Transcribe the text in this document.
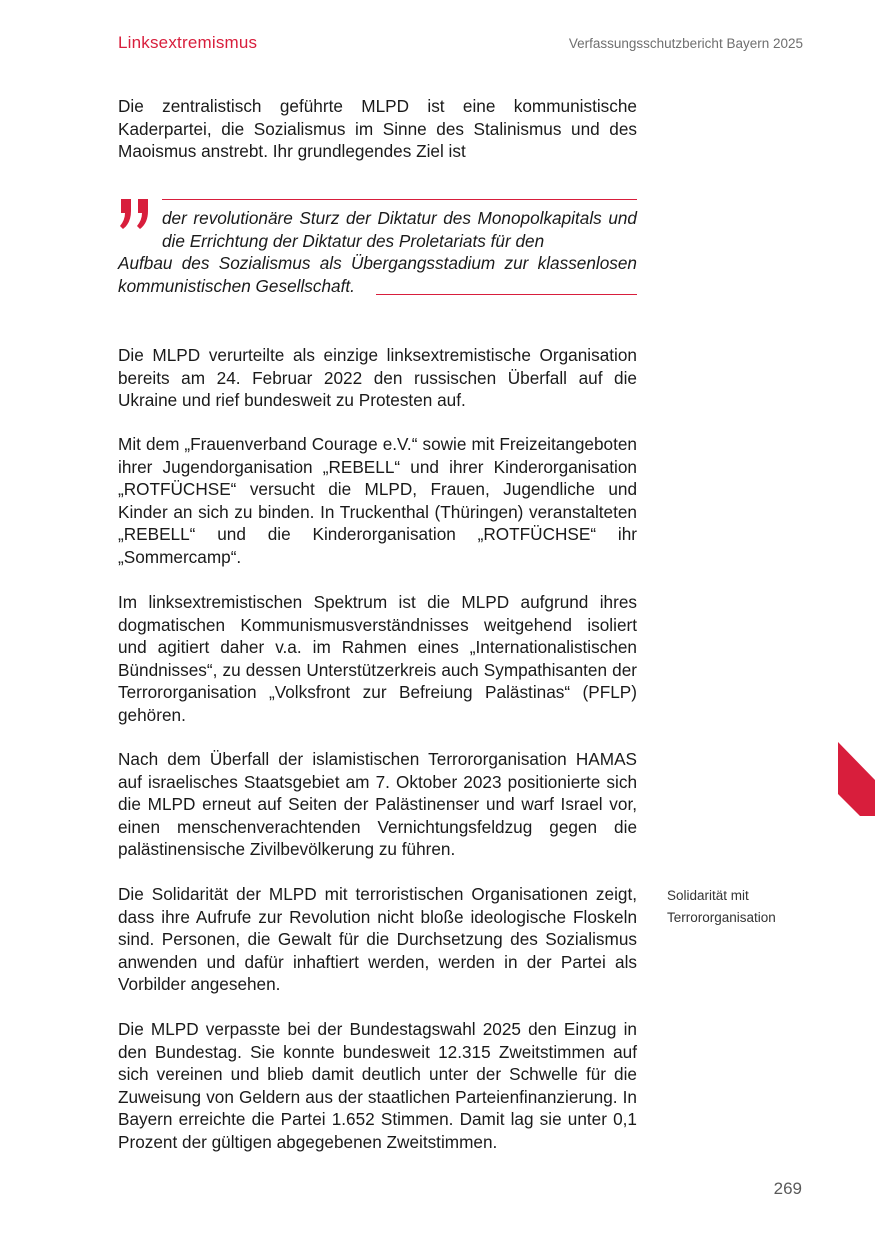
Linksextremismus	Verfassungsschutzbericht Bayern 2025

Die zentralistisch geführte MLPD ist eine kommunistische Kaderpartei, die Sozialismus im Sinne des Stalinismus und des Maoismus anstrebt. Ihr grundlegendes Ziel ist

der revolutionäre Sturz der Diktatur des Monopolkapitals und die Errichtung der Diktatur des Proletariats für den
Aufbau des Sozialismus als Übergangsstadium zur klassenlosen kommunistischen Gesellschaft.

Die MLPD verurteilte als einzige linksextremistische Organisation bereits am 24. Februar 2022 den russischen Überfall auf die Ukraine und rief bundesweit zu Protesten auf.

Mit dem „Frauenverband Courage e.V.“ sowie mit Freizeitangeboten ihrer Jugendorganisation „REBELL“ und ihrer Kinderorganisation „ROTFÜCHSE“ versucht die MLPD, Frauen, Jugendliche und Kinder an sich zu binden. In Truckenthal (Thüringen) veranstalteten „REBELL“ und die Kinderorganisation „ROTFÜCHSE“ ihr „Sommercamp“.

Im linksextremistischen Spektrum ist die MLPD aufgrund ihres dogmatischen Kommunismusverständnisses weitgehend isoliert und agitiert daher v.a. im Rahmen eines „Internationalistischen Bündnisses“, zu dessen Unterstützerkreis auch Sympathisanten der Terrororganisation „Volksfront zur Befreiung Palästinas“ (PFLP) gehören.

Nach dem Überfall der islamistischen Terrororganisation HAMAS auf israelisches Staatsgebiet am 7. Oktober 2023 positionierte sich die MLPD erneut auf Seiten der Palästinenser und warf Israel vor, einen menschenverachtenden Vernichtungsfeldzug gegen die palästinensische Zivilbevölkerung zu führen.

Die Solidarität der MLPD mit terroristischen Organisationen zeigt, dass ihre Aufrufe zur Revolution nicht bloße ideologische Floskeln sind. Personen, die Gewalt für die Durchsetzung des Sozialismus anwenden und dafür inhaftiert werden, werden in der Partei als Vorbilder angesehen.

Die MLPD verpasste bei der Bundestagswahl 2025 den Einzug in den Bundestag. Sie konnte bundesweit 12.315 Zweitstimmen auf sich vereinen und blieb damit deutlich unter der Schwelle für die Zuweisung von Geldern aus der staatlichen Parteienfinanzierung. In Bayern erreichte die Partei 1.652 Stimmen. Damit lag sie unter 0,1 Prozent der gültigen abgegebenen Zweitstimmen.

Solidarität mit Terrororganisation
269
